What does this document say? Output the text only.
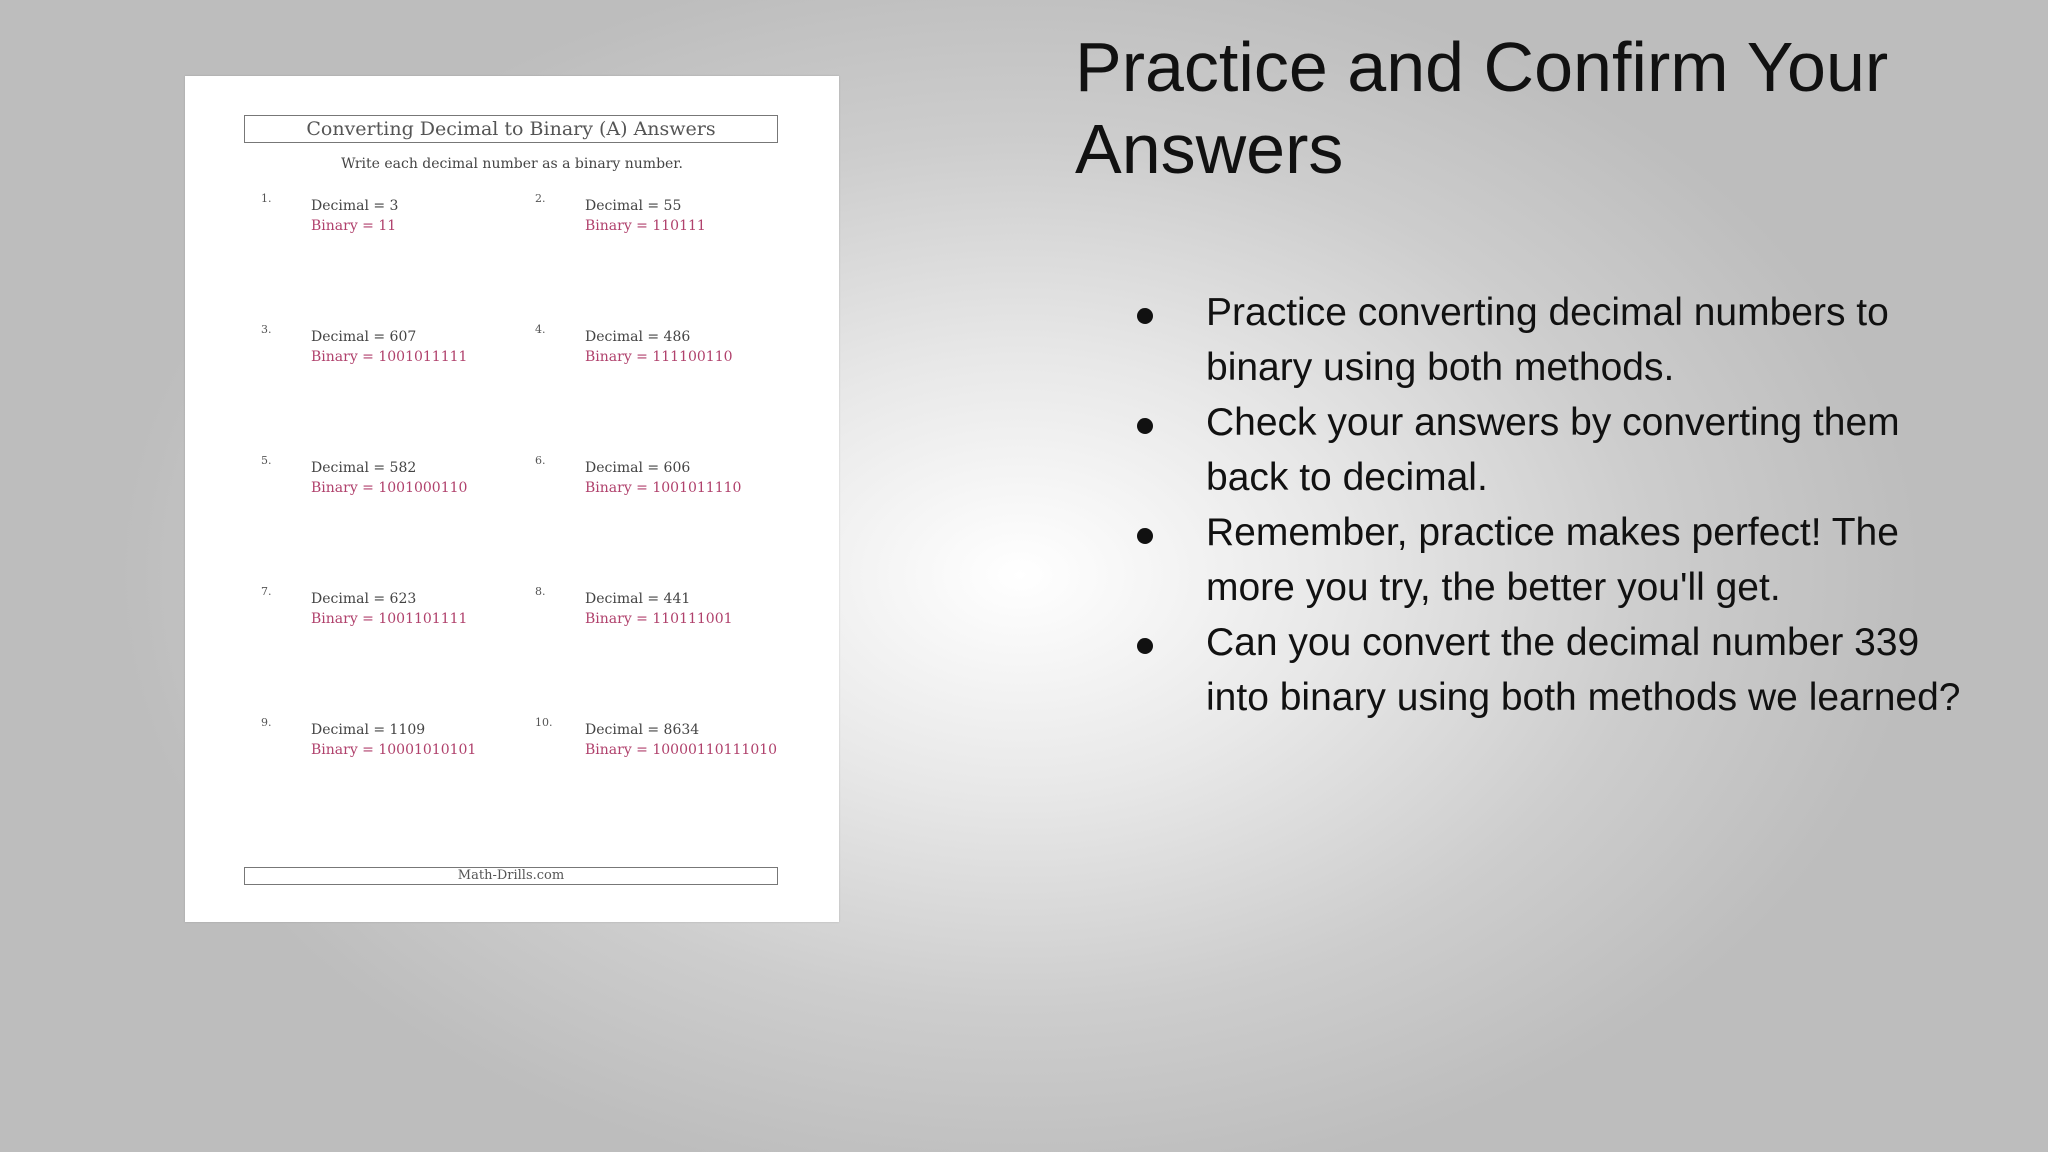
Converting Decimal to Binary (A) Answers
Write each decimal number as a binary number.
1.	Decimal = 3
Binary = 11
2.	Decimal = 55
Binary = 110111
3.	Decimal = 607
Binary = 1001011111
4.	Decimal = 486
Binary = 111100110
5.	Decimal = 582
Binary = 1001000110
6.	Decimal = 606
Binary = 1001011110
7.	Decimal = 623
Binary = 1001101111
8.	Decimal = 441
Binary = 110111001
9.	Decimal = 1109
Binary = 10001010101
10. Decimal = 8634
Binary = 10000110111010
Math-Drills.com
Practice and Confirm Your Answers
Practice converting decimal numbers to binary using both methods.
Check your answers by converting them back to decimal.
Remember, practice makes perfect! The more you try, the better you'll get.
Can you convert the decimal number 339 into binary using both methods we learned?
